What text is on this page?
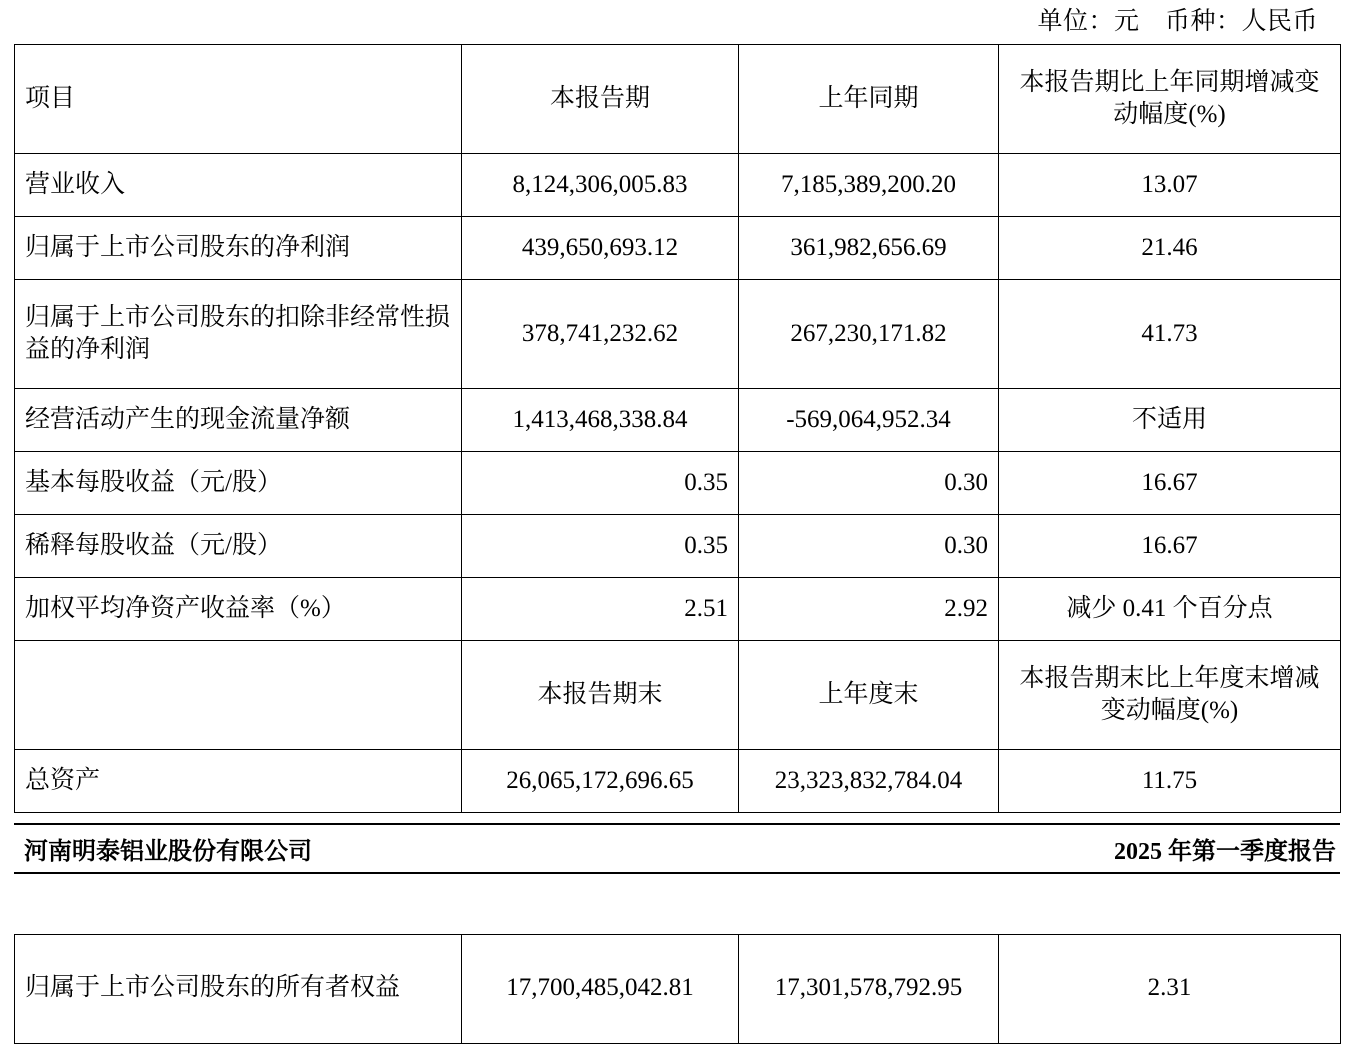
单位：元　币种：人民币
项目	本报告期	上年同期	本报告期比上年同期增减变动幅度(%)
营业收入	8,124,306,005.83	7,185,389,200.20	13.07
归属于上市公司股东的净利润	439,650,693.12	361,982,656.69	21.46
归属于上市公司股东的扣除非经常性损益的净利润	378,741,232.62	267,230,171.82	41.73
经营活动产生的现金流量净额	1,413,468,338.84	-569,064,952.34	不适用
基本每股收益（元/股）	0.35	0.30	16.67
稀释每股收益（元/股）	0.35	0.30	16.67
加权平均净资产收益率（%）	2.51	2.92	减少 0.41 个百分点
	本报告期末	上年度末	本报告期末比上年度末增减变动幅度(%)
总资产	26,065,172,696.65	23,323,832,784.04	11.75
河南明泰铝业股份有限公司	2025 年第一季度报告
归属于上市公司股东的所有者权益	17,700,485,042.81	17,301,578,792.95	2.31
